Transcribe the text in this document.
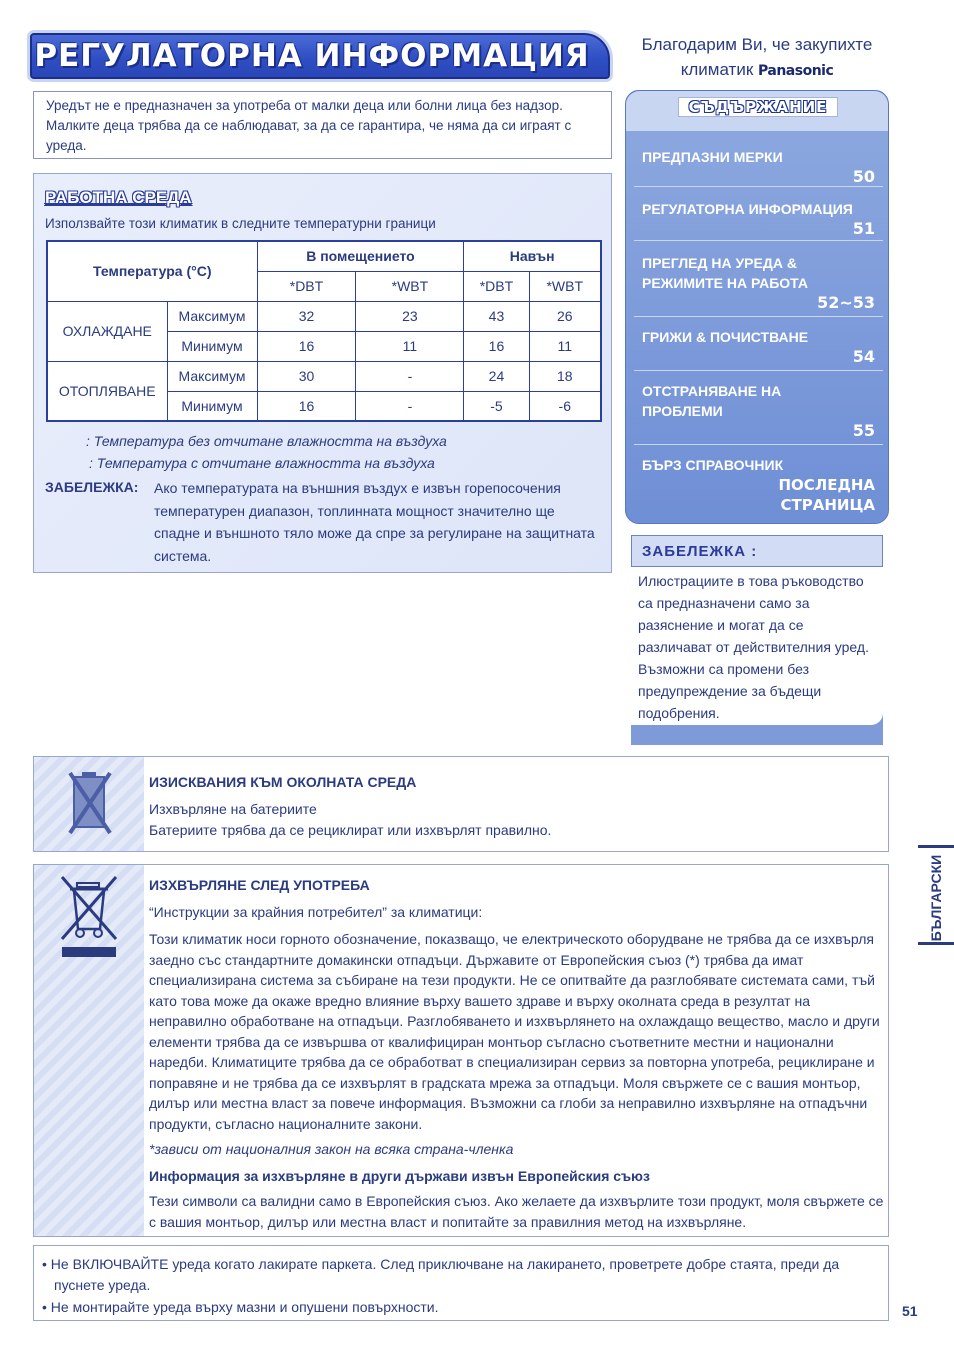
РЕГУЛАТОРНА ИНФОРМАЦИЯ	Благодарим Ви, че закупихте
климатик Panasonic
Уредът не е предназначен за употреба от малки деца или болни лица без надзор. Малките деца трябва да се наблюдават, за да се гарантира, че няма да си играят с уреда.
РАБОТНА СРЕДА
Използвайте този климатик в следните температурни граници
Температура (°C)		В помещението		Навън	
		*DBT	*WBT	*DBT	*WBT
ОХЛАЖДАНЕ	Максимум	32	23	43	26
	Минимум	16	11	16	11
ОТОПЛЯВАНЕ	Максимум	30	-	24	18
	Минимум	16	-	-5	-6
: Температура без отчитане влажността на въздуха
: Температура с отчитане влажността на въздуха
ЗАБЕЛЕЖКА: Ако температурата на външния въздух е извън горепосочения температурен диапазон, топлинната мощност значително ще спадне и външното тяло може да спре за регулиране на защитната система.
СЪДЪРЖАНИЕ
ПРЕДПАЗНИ МЕРКИ
50
РЕГУЛАТОРНА ИНФОРМАЦИЯ
51
ПРЕГЛЕД НА УРЕДА & РЕЖИМИТЕ НА РАБОТА
52~53
ГРИЖИ & ПОЧИСТВАНЕ
54
ОТСТРАНЯВАНЕ НА ПРОБЛЕМИ
55
БЪРЗ СПРАВОЧНИК
ПОСЛЕДНА СТРАНИЦА
ЗАБЕЛЕЖКА :
Илюстрациите в това ръководство са предназначени само за разяснение и могат да се различават от действителния уред. Възможни са промени без предупреждение за бъдещи подобрения.
ИЗИСКВАНИЯ КЪМ ОКОЛНАТА СРЕДА
Изхвърляне на батериите
Батериите трябва да се рециклират или изхвърлят правилно.
ИЗХВЪРЛЯНЕ СЛЕД УПОТРЕБА
“Инструкции за крайния потребител” за климатици:
Този климатик носи горното обозначение, показващо, че електрическото оборудване не трябва да се изхвърля заедно със стандартните домакински отпадъци. Държавите от Европейския съюз (*) трябва да имат специализирана система за събиране на тези продукти. Не се опитвайте да разглобявате системата сами, тъй като това може да окаже вредно влияние върху вашето здраве и върху околната среда в резултат на неправилно обработване на отпадъци. Разглобяването и изхвърлянето на охлаждащо вещество, масло и други елементи трябва да се извършва от квалифициран монтьор съгласно съответните местни и национални наредби. Климатиците трябва да се обработват в специализиран сервиз за повторна употреба, рециклиране и поправяне и не трябва да се изхвърлят в градската мрежа за отпадъци. Моля свържете се с вашия монтьор, дилър или местна власт за повече информация. Възможни са глоби за неправилно изхвърляне на отпадъчни продукти, съгласно националните закони.
*зависи от националния закон на всяка страна-членка
Информация за изхвърляне в други държави извън Европейския съюз
Тези символи са валидни само в Европейския съюз. Ако желаете да изхвърлите този продукт, моля свържете се с вашия монтьор, дилър или местна власт и попитайте за правилния метод на изхвърляне.
• Не ВКЛЮЧВАЙТЕ уреда когато лакирате паркета. След приключване на лакирането, проветрете добре стаята, преди да пуснете уреда.
• Не монтирайте уреда върху мазни и опушени повърхности.
БЪЛГАРСКИ
51
